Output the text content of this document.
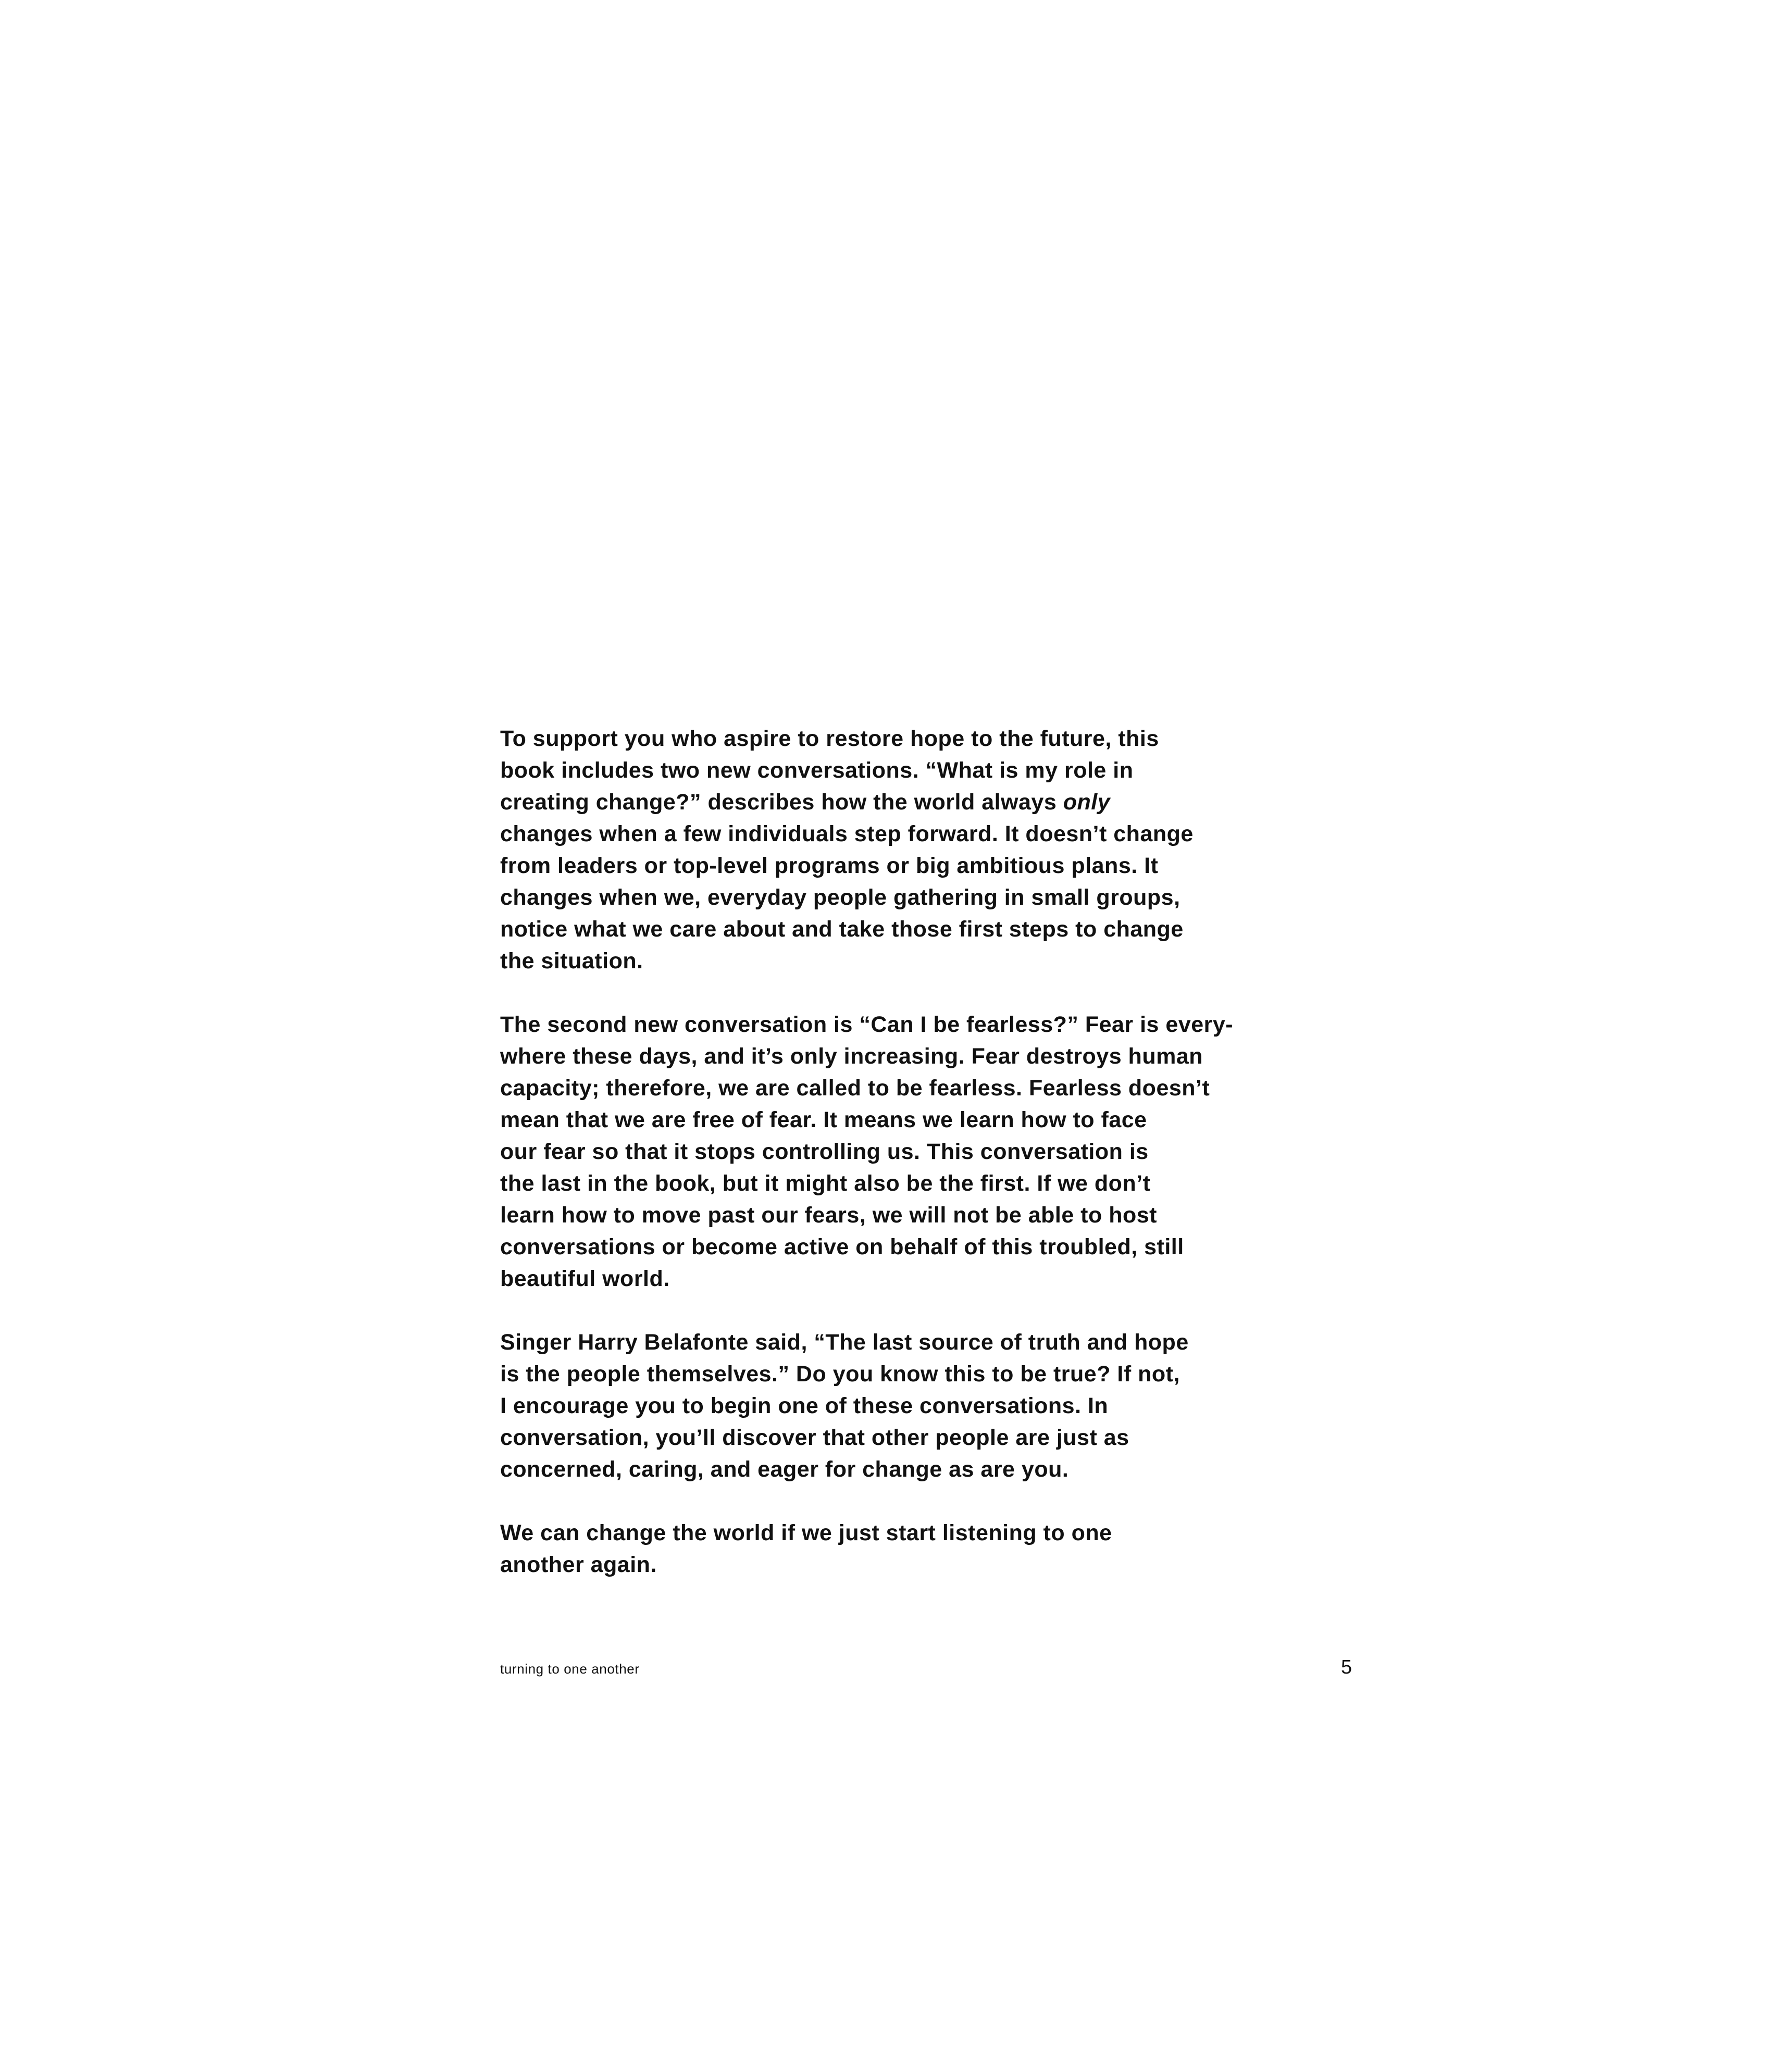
To support you who aspire to restore hope to the future, this
book includes two new conversations. “What is my role in
creating change?” describes how the world always only
changes when a few individuals step forward. It doesn’t change
from leaders or top-level programs or big ambitious plans. It
changes when we, everyday people gathering in small groups,
notice what we care about and take those first steps to change
the situation.

The second new conversation is “Can I be fearless?” Fear is every-
where these days, and it’s only increasing. Fear destroys human
capacity; therefore, we are called to be fearless. Fearless doesn’t
mean that we are free of fear. It means we learn how to face
our fear so that it stops controlling us. This conversation is
the last in the book, but it might also be the first. If we don’t
learn how to move past our fears, we will not be able to host
conversations or become active on behalf of this troubled, still
beautiful world.

Singer Harry Belafonte said, “The last source of truth and hope
is the people themselves.” Do you know this to be true? If not,
I encourage you to begin one of these conversations. In
conversation, you’ll discover that other people are just as
concerned, caring, and eager for change as are you.

We can change the world if we just start listening to one
another again.

turning to one another	5
